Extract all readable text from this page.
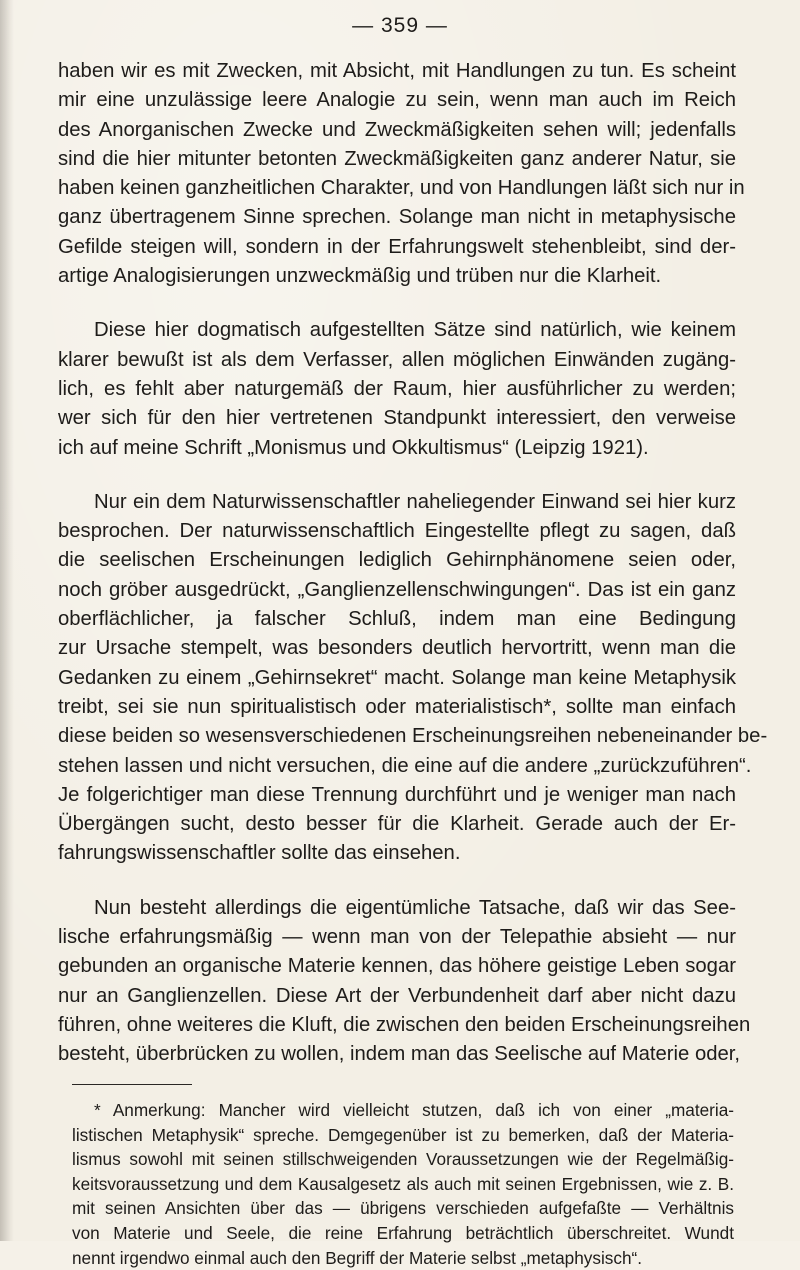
— 359 —

haben wir es mit Zwecken, mit Absicht, mit Handlungen zu tun. Es scheint
mir eine unzulässige leere Analogie zu sein, wenn man auch im Reich
des Anorganischen Zwecke und Zweckmäßigkeiten sehen will; jedenfalls
sind die hier mitunter betonten Zweckmäßigkeiten ganz anderer Natur, sie
haben keinen ganzheitlichen Charakter, und von Handlungen läßt sich nur in
ganz übertragenem Sinne sprechen. Solange man nicht in metaphysische
Gefilde steigen will, sondern in der Erfahrungswelt stehenbleibt, sind der-
artige Analogisierungen unzweckmäßig und trüben nur die Klarheit.

Diese hier dogmatisch aufgestellten Sätze sind natürlich, wie keinem
klarer bewußt ist als dem Verfasser, allen möglichen Einwänden zugäng-
lich, es fehlt aber naturgemäß der Raum, hier ausführlicher zu werden;
wer sich für den hier vertretenen Standpunkt interessiert, den verweise
ich auf meine Schrift „Monismus und Okkultismus“ (Leipzig 1921).

Nur ein dem Naturwissenschaftler naheliegender Einwand sei hier kurz
besprochen. Der naturwissenschaftlich Eingestellte pflegt zu sagen, daß
die seelischen Erscheinungen lediglich Gehirnphänomene seien oder,
noch gröber ausgedrückt, „Ganglienzellenschwingungen“. Das ist ein ganz
oberflächlicher, ja falscher Schluß, indem man eine Bedingung
zur Ursache stempelt, was besonders deutlich hervortritt, wenn man die
Gedanken zu einem „Gehirnsekret“ macht. Solange man keine Metaphysik
treibt, sei sie nun spiritualistisch oder materialistisch*, sollte man einfach
diese beiden so wesensverschiedenen Erscheinungsreihen nebeneinander be-
stehen lassen und nicht versuchen, die eine auf die andere „zurückzuführen“.
Je folgerichtiger man diese Trennung durchführt und je weniger man nach
Übergängen sucht, desto besser für die Klarheit. Gerade auch der Er-
fahrungswissenschaftler sollte das einsehen.

Nun besteht allerdings die eigentümliche Tatsache, daß wir das See-
lische erfahrungsmäßig — wenn man von der Telepathie absieht — nur
gebunden an organische Materie kennen, das höhere geistige Leben sogar
nur an Ganglienzellen. Diese Art der Verbundenheit darf aber nicht dazu
führen, ohne weiteres die Kluft, die zwischen den beiden Erscheinungsreihen
besteht, überbrücken zu wollen, indem man das Seelische auf Materie oder,

* Anmerkung: Mancher wird vielleicht stutzen, daß ich von einer „materia-
listischen Metaphysik“ spreche. Demgegenüber ist zu bemerken, daß der Materia-
lismus sowohl mit seinen stillschweigenden Voraussetzungen wie der Regelmäßig-
keitsvoraussetzung und dem Kausalgesetz als auch mit seinen Ergebnissen, wie z. B.
mit seinen Ansichten über das — übrigens verschieden aufgefaßte — Verhältnis
von Materie und Seele, die reine Erfahrung beträchtlich überschreitet. Wundt
nennt irgendwo einmal auch den Begriff der Materie selbst „metaphysisch“.
